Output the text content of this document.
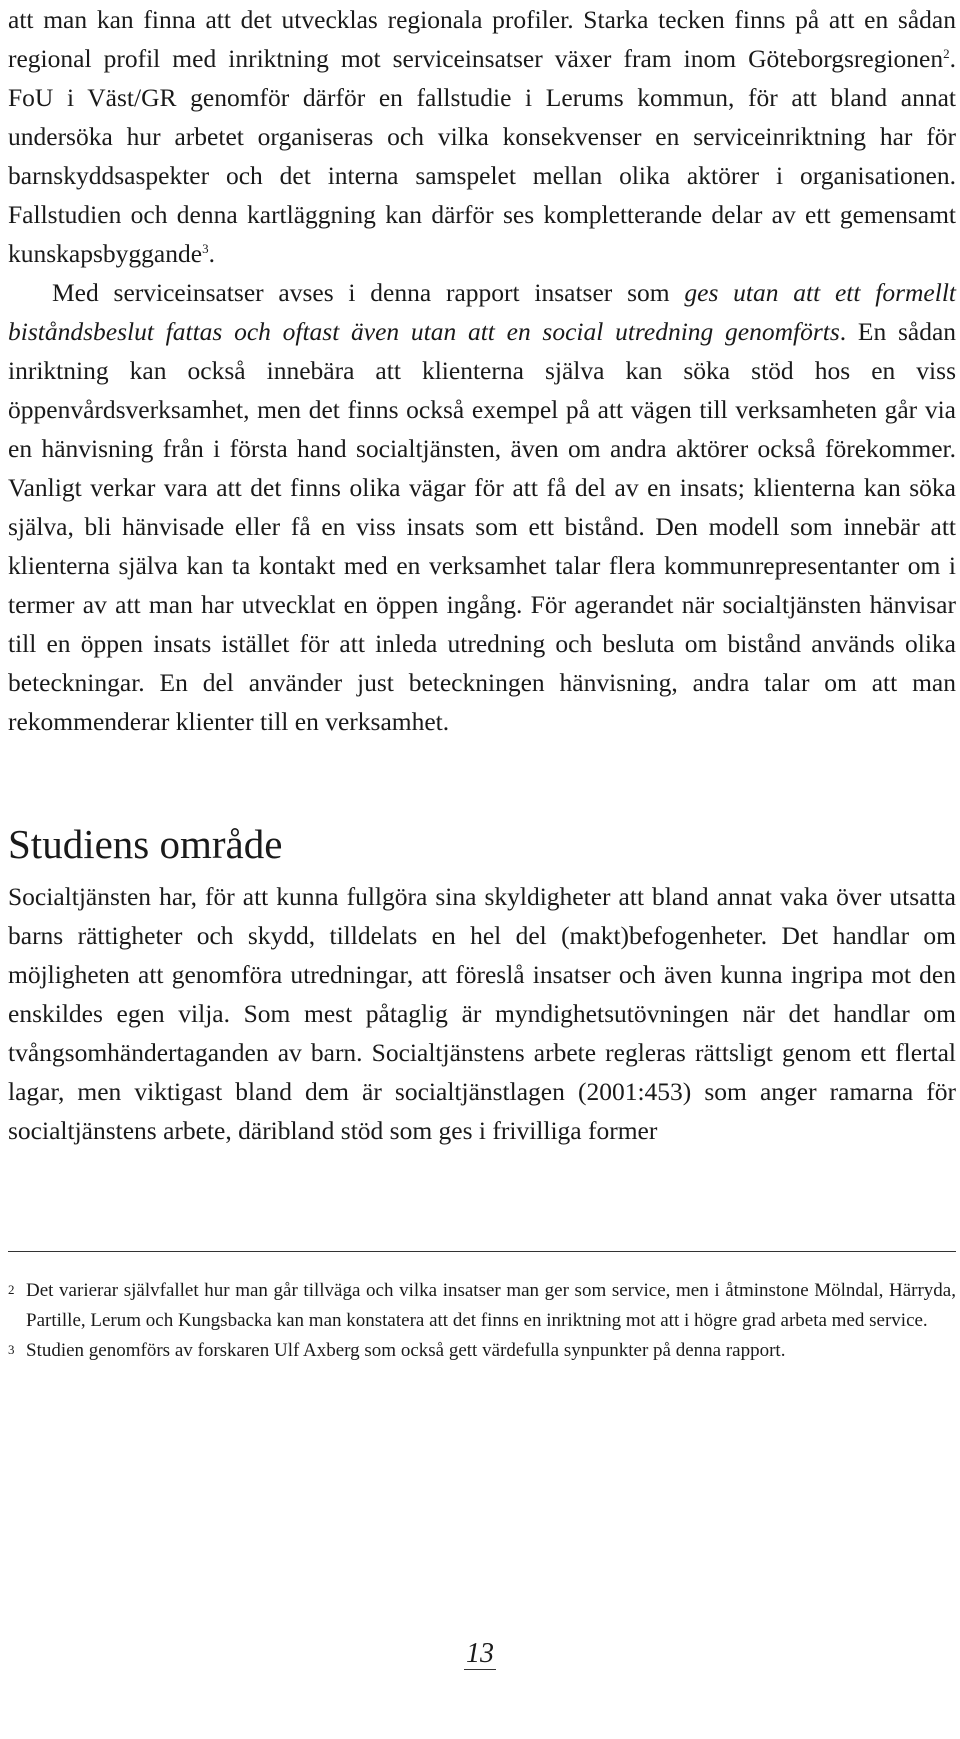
att man kan finna att det utvecklas regionala profiler. Starka tecken finns på att en sådan regional profil med inriktning mot serviceinsatser växer fram inom Göteborgsregionen$^2$. FoU i Väst/GR genomför därför en fallstudie i Lerums kommun, för att bland annat undersöka hur arbetet organiseras och vilka konsekvenser en serviceinriktning har för barnskyddsaspekter och det interna samspelet mellan olika aktörer i organisationen. Fallstudien och denna kartläggning kan därför ses kompletterande delar av ett gemensamt kunskapsbyggande$^3$.

Med serviceinsatser avses i denna rapport insatser som ges utan att ett formellt biståndsbeslut fattas och oftast även utan att en social utredning genomförts. En sådan inriktning kan också innebära att klienterna själva kan söka stöd hos en viss öppenvårdsverksamhet, men det finns också exempel på att vägen till verksamheten går via en hänvisning från i första hand socialtjänsten, även om andra aktörer också förekommer. Vanligt verkar vara att det finns olika vägar för att få del av en insats; klienterna kan söka själva, bli hänvisade eller få en viss insats som ett bistånd. Den modell som innebär att klienterna själva kan ta kontakt med en verksamhet talar flera kommunrepresentanter om i termer av att man har utvecklat en öppen ingång. För agerandet när socialtjänsten hänvisar till en öppen insats istället för att inleda utredning och besluta om bistånd används olika beteckningar. En del använder just beteckningen hänvisning, andra talar om att man rekommenderar klienter till en verksamhet.

Studiens område

Socialtjänsten har, för att kunna fullgöra sina skyldigheter att bland annat vaka över utsatta barns rättigheter och skydd, tilldelats en hel del (makt)befogenheter. Det handlar om möjligheten att genomföra utredningar, att föreslå insatser och även kunna ingripa mot den enskildes egen vilja. Som mest påtaglig är myndighetsutövningen när det handlar om tvångsomhändertaganden av barn. Socialtjänstens arbete regleras rättsligt genom ett flertal lagar, men viktigast bland dem är socialtjänstlagen (2001:453) som anger ramarna för socialtjänstens arbete, däribland stöd som ges i frivilliga former

2 Det varierar självfallet hur man går tillväga och vilka insatser man ger som service, men i åtminstone Mölndal, Härryda, Partille, Lerum och Kungsbacka kan man konstatera att det finns en inriktning mot att i högre grad arbeta med service.
3 Studien genomförs av forskaren Ulf Axberg som också gett värdefulla synpunkter på denna rapport.
13
